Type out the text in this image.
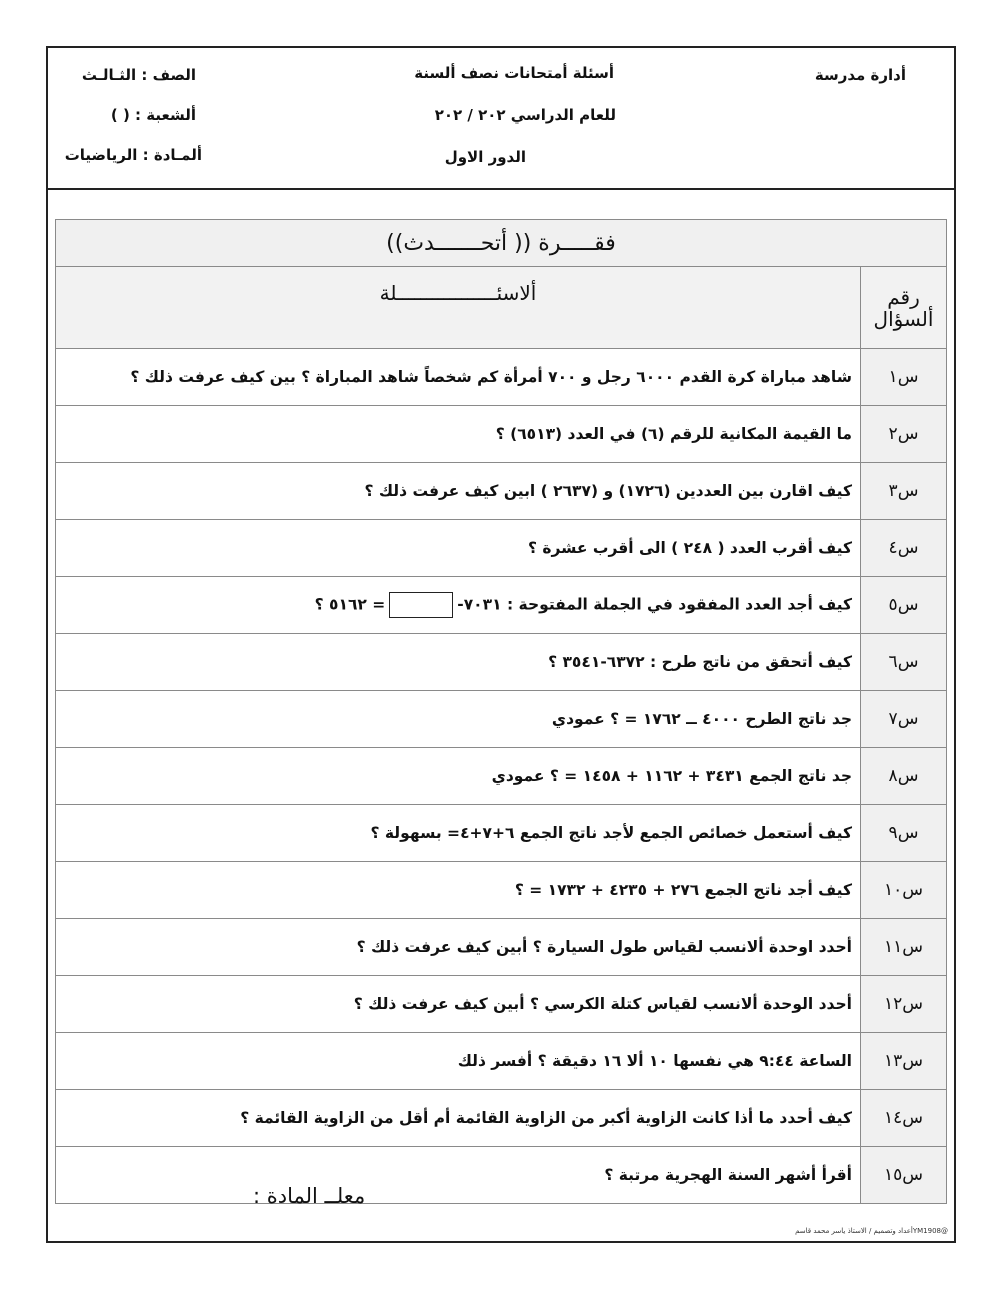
أدارة مدرسة
أسئلة أمتحانات نصف ألسنة
للعام الدراسي ٢٠٢ / ٢٠٢
الدور الاول
الصف : الثـالـث
ألشعبة : ( )
ألمـادة : الرياضيات
فقـــــرة (( أتحـــــــدث))	
رقم ألسؤال	ألاسئـــــــــــــــــلة
س١	شاهد مباراة كرة القدم ٦٠٠٠ رجل و ٧٠٠ أمرأة كم شخصاً شاهد المباراة ؟ بين كيف عرفت ذلك ؟
س٢	ما القيمة المكانية للرقم (٦) في العدد (٦٥١٣) ؟
س٣	كيف اقارن بين العددين (١٧٢٦) و (٢٦٣٧ ) ابين كيف عرفت ذلك ؟
س٤	كيف أقرب العدد ( ٢٤٨ ) الى أقرب عشرة ؟
س٥	كيف أجد العدد المفقود في الجملة المفتوحة : ٧٠٣١-= ٥١٦٢ ؟
س٦	كيف أتحقق من ناتج طرح : ٦٣٧٢-٣٥٤١ ؟
س٧	جد ناتج الطرح ٤٠٠٠ ــ ١٧٦٢ = ؟ عمودي
س٨	جد ناتج الجمع ٣٤٣١ + ١١٦٢ + ١٤٥٨ = ؟ عمودي
س٩	كيف أستعمل خصائص الجمع لأجد ناتج الجمع ٦+٧+٤= بسهولة ؟
س١٠	كيف أجد ناتج الجمع ٢٧٦ + ٤٢٣٥ + ١٧٣٢ = ؟
س١١	أحدد اوحدة ألانسب لقياس طول السيارة ؟ أبين كيف عرفت ذلك ؟
س١٢	أحدد الوحدة ألانسب لقياس كتلة الكرسي ؟ أبين كيف عرفت ذلك ؟
س١٣	الساعة ٩:٤٤ هي نفسها ١٠ ألا ١٦ دقيقة ؟ أفسر ذلك
س١٤	كيف أحدد ما أذا كانت الزاوية أكبر من الزاوية القائمة أم أقل من الزاوية القائمة ؟
س١٥	أقرأ أشهر السنة الهجرية مرتبة ؟
معلــ المادة :
@YM1908أعداد وتصميم / الاستاذ ياسر محمد قاسم
